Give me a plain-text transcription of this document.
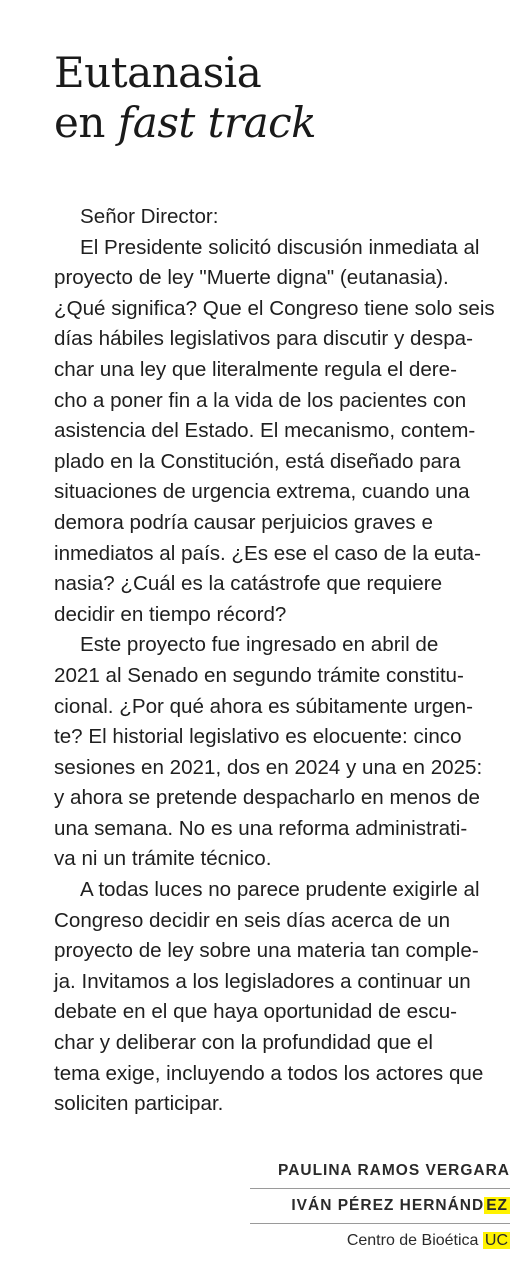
Eutanasia
en fast track
Señor Director:
El Presidente solicitó discusión inmediata al
proyecto de ley "Muerte digna" (eutanasia).
¿Qué significa? Que el Congreso tiene solo seis
días hábiles legislativos para discutir y despa-
char una ley que literalmente regula el dere-
cho a poner fin a la vida de los pacientes con
asistencia del Estado. El mecanismo, contem-
plado en la Constitución, está diseñado para
situaciones de urgencia extrema, cuando una
demora podría causar perjuicios graves e
inmediatos al país. ¿Es ese el caso de la euta-
nasia? ¿Cuál es la catástrofe que requiere
decidir en tiempo récord?
Este proyecto fue ingresado en abril de
2021 al Senado en segundo trámite constitu-
cional. ¿Por qué ahora es súbitamente urgen-
te? El historial legislativo es elocuente: cinco
sesiones en 2021, dos en 2024 y una en 2025:
y ahora se pretende despacharlo en menos de
una semana. No es una reforma administrati-
va ni un trámite técnico.
A todas luces no parece prudente exigirle al
Congreso decidir en seis días acerca de un
proyecto de ley sobre una materia tan comple-
ja. Invitamos a los legisladores a continuar un
debate en el que haya oportunidad de escu-
char y deliberar con la profundidad que el
tema exige, incluyendo a todos los actores que
soliciten participar.
PAULINA RAMOS VERGARA
IVÁN PÉREZ HERNÁND EZ
Centro de Bioética UC
